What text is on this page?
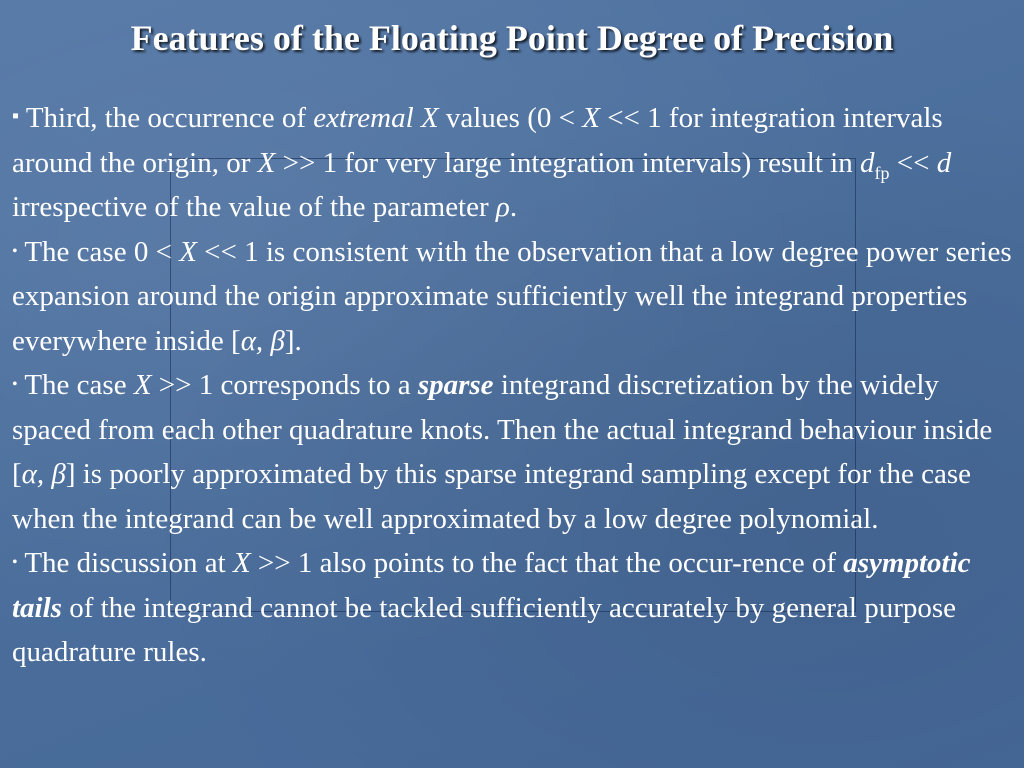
Features of the Floating Point Degree of Precision

▪ Third, the occurrence of extremal X values (0 < X << 1 for integration intervals around the origin, or X >> 1 for very large integration intervals) result in $d_{fp} << d$ irrespective of the value of the parameter ρ.

• The case 0 < X << 1 is consistent with the observation that a low degree power series expansion around the origin approximate sufficiently well the integrand properties everywhere inside [α, β].

• The case X >> 1 corresponds to a sparse integrand discretization by the widely spaced from each other quadrature knots. Then the actual integrand behaviour inside [α, β] is poorly approximated by this sparse integrand sampling except for the case when the integrand can be well approximated by a low degree polynomial.

• The discussion at X >> 1 also points to the fact that the occur-rence of asymptotic tails of the integrand cannot be tackled sufficiently accurately by general purpose quadrature rules.
